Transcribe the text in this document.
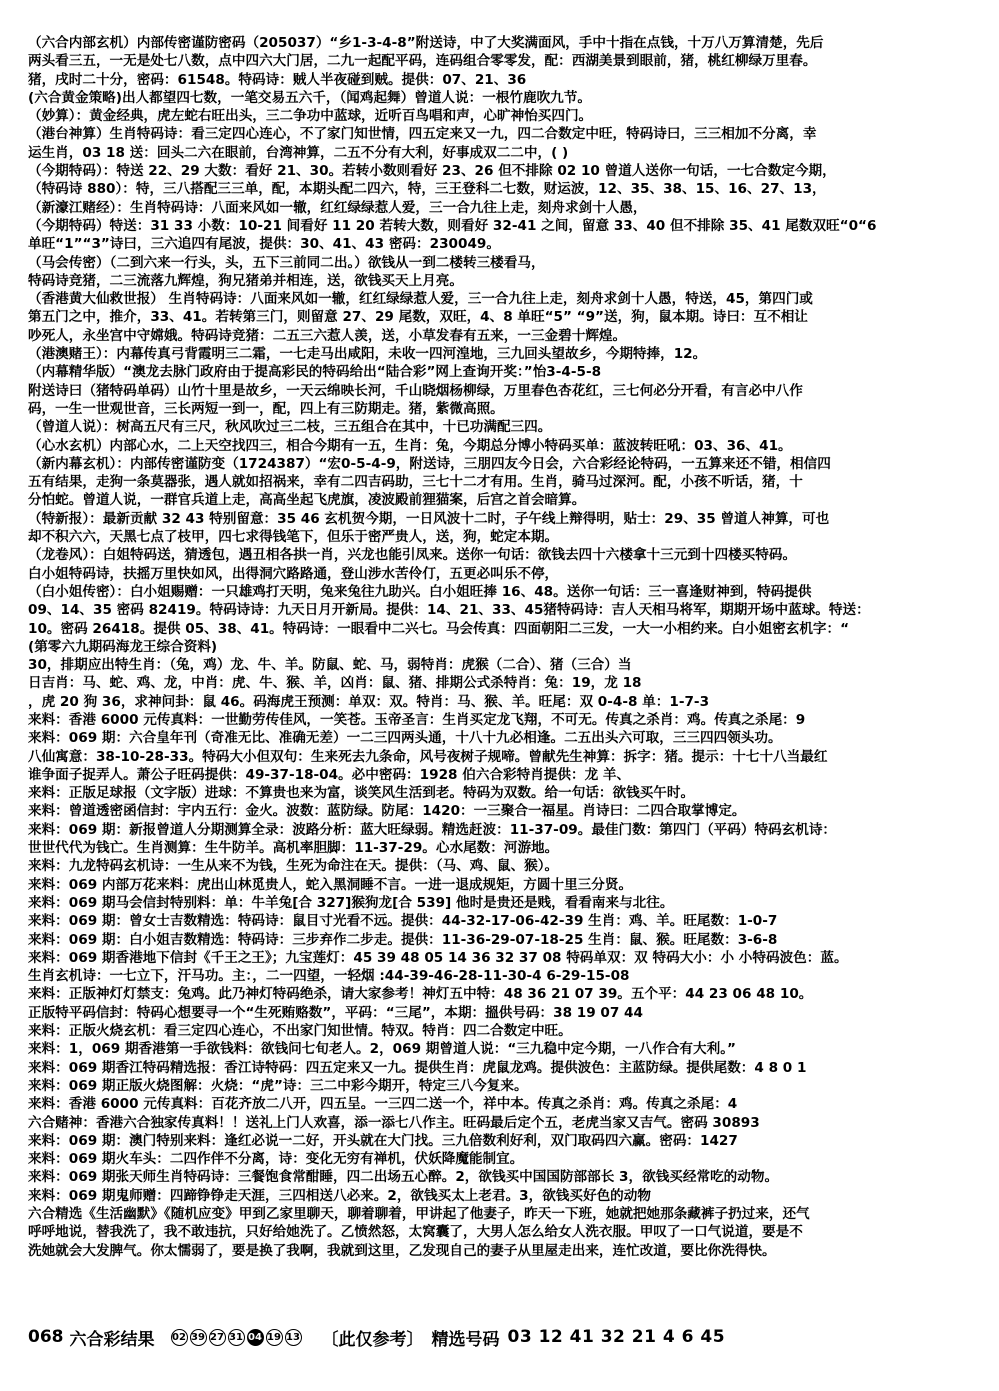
（六合内部玄机）内部传密谨防密码（205037）“乡1-3-4-8”附送诗，中了大奖满面风，手中十指在点钱，十万八万算清楚，先后
两头看三五，一无是处七八数，点中四六大门居，二九一起配平码，连码组合零零发，配：西湖美景到眼前，猪，桃红柳绿万里春。
猪，戌时二十分，密码：61548。特码诗：贼人半夜碰到贼。提供：07、21、36
(六合黄金策略)出人都望四七数，一笔交易五六千，（闻鸡起舞）曾道人说：一根竹鹿吹九节。
（妙算）：黄金经典，虎左蛇右旺出头，三二争功中蓝球，近听百鸟唱和声，心旷神怡买四门。
（港台神算）生肖特码诗：看三定四心连心，不了家门知世情，四五定来又一九，四二合数定中旺，特码诗曰，三三相加不分离，幸
运生肖，03 18 送：回头二六在眼前，台湾神算，二五不分有大利，好事成双二二中，( )
（今期特码）：特送 22、29 大数：看好 21、30。若转小数则看好 23、26 但不排除 02 10 曾道人送你一句话，一七合数定今期，
（特码诗 880）：特，三八搭配三三单，配，本期头配二四六，特，三王登科二七数，财运波，12、35、38、15、16、27、13，
（新濠江赌经）：生肖特码诗：八面来风如一辙，红红绿绿惹人爱，三一合九往上走，刻舟求剑十人愚，
（今期特码）特送：31 33 小数：10-21 间看好 11 20 若转大数，则看好 32-41 之间，留意 33、40 但不排除 35、41 尾数双旺“0“6
单旺“1”“3”诗曰，三六追四有尾波，提供：30、41、43 密码：230049。
（马会传密）（二到六来一行头，头，五下三前同二出。）欲钱从一到二楼转三楼看马，
特码诗竞猪，二三流落九辉煌，狗兄猪弟并相连，送，欲钱买天上月亮。
（香港黄大仙救世报） 生肖特码诗：八面来风如一辙，红红绿绿惹人爱，三一合九往上走，刻舟求剑十人愚，特送，45，第四门或
第五门之中，推介，33、41。若转第三门，则留意 27、29 尾数，双旺，4、8 单旺“5” “9”送，狗，鼠本期。诗曰：互不相让
吵死人，永坐宫中守嫦娥。特码诗竞猪：二五三六惹人羡，送，小草发春有五来，一三金碧十辉煌。
（港澳赌王）：内幕传真弓背霞明三二霜，一七走马出咸阳，未收一四河湟地，三九回头望故乡，今期特捧，12。
（内幕精华版）“澳龙去脉门政府由于提高彩民的特码给出“陆合彩”网上查询开奖：”怡3-4-5-8
附送诗曰（猪特码单码）山竹十里是故乡，一天云绵映长河，千山晓烟杨柳绿，万里春色杏花红，三七何必分开看，有言必中八作
码，一生一世观世音，三长两短一到一，配，四上有三防期走。猪，紫微高照。
（曾道人说）：树高五尺有三尺，秋风吹过三二枝，三五组合在其中，十已功满配三四。
（心水玄机）内部心水，二上天空找四三，相合今期有一五，生肖：兔，今期总分博小特码买单：蓝波转旺吼：03、36、41。
（新内幕玄机）：内部传密谨防变（1724387）“宏0-5-4-9，附送诗，三朋四友今日会，六合彩经论特码，一五算来还不错，相信四
五有结果，走狗一条莫器张，遇人就如招祸来，幸有二四吉码助，三七十二才有用。生肖，骑马过深河。配，小孩不听话，猪，十
分怕蛇。曾道人说，一群官兵道上走，高高坐起飞虎旗，凌波殿前狸猫案，后宫之首会暗算。
（特新报）：最新贡献 32 43 特别留意：35 46 玄机贺今期，一日风波十二时，子午线上辩得明，贴士：29、35 曾道人神算，可也
却不积六六，天黑七点了枝甲，四七求得钱笔下，但乐于密严贵人，送，狗，蛇定本期。
（龙卷风）：白姐特码送，猜透包，遇丑相各拱一肖，兴龙也能引凤来。送你一句话：欲钱去四十六楼拿十三元到十四楼买特码。
白小姐特码诗，扶摇万里快如风，出得洞穴路路通，登山涉水苦伶仃，五更必叫乐不停，
（白小姐传密）：白小姐赐赠：一只雄鸡打天明，兔来兔往九助兴。白小姐旺捧 16、48。送你一句话：三一喜逢财神到，特码提供
09、14、35 密码 82419。特码诗诗：九天日月开新局。提供：14、21、33、45猪特码诗：吉人天相马将军，期期开场中蓝球。特送：
10。密码 26418。提供 05、38、41。特码诗：一眼看中二兴七。马会传真：四面朝阳二三发，一大一小相约来。白小姐密玄机字：“
(第零六九期码海龙王综合资料)
30，排期应出特生肖：（兔，鸡）龙、牛、羊。防鼠、蛇、马，弱特肖：虎猴（二合）、猪（三合）当
日吉肖：马、蛇、鸡、龙，中肖：虎、牛、猴、羊，凶肖：鼠、猪、排期公式杀特肖：兔：19，龙 18
，虎 20 狗 36，求神问卦：鼠 46。码海虎王预测：单双：双。特肖：马、猴、羊。旺尾：双 0-4-8 单：1-7-3
来料：香港 6000 元传真料：一世勤劳传佳风，一笑苍。玉帝圣言：生肖买定龙飞翔，不可无。传真之杀肖：鸡。传真之杀尾：9
来料：069 期：六合皇年刊（奇准无比、准确无差）一二三四两头通，十八十九必相逢。二五出头六可取，三三四四领头功。
八仙寓意：38-10-28-33。特码大小但双句：生来死去九条命，风号夜树子规啼。曾献先生神算：拆字：猪。提示：十七十八当最红
谁争面子捉弄人。萧公子旺码提供：49-37-18-04。必中密码：1928 伯六合彩特肖提供：龙 羊、
来料：正版足球报（文字版）进球：不算贵也来为富，谈笑风生活到老。特码为双数。给一句话：欲钱买午时。
来料：曾道透密函信封：宇内五行：金火。波数：蓝防绿。防尾：1420：一三聚合一福星。肖诗曰：二四合取掌博定。
来料：069 期：新报曾道人分期测算全录：波路分析：蓝大旺绿弱。精选赶波：11-37-09。最佳门数：第四门（平码）特码玄机诗：
世世代代为钱亡。生肖测算：生牛防羊。高机率胆脚：11-37-29。心水尾数：河游地。
来料：九龙特码玄机诗：一生从来不为钱，生死为命注在天。提供：（马、鸡、鼠、猴）。
来料：069 内部万花来料：虎出山林觅贵人，蛇入黑洞睡不言。一进一退成规矩，方圆十里三分贤。
来料：069 期马会信封特别料：单：牛羊兔[合 327]猴狗龙[合 539] 他时是贵还是贱，看看南来与北往。
来料：069 期：曾女士吉数精选：特码诗：鼠目寸光看不远。提供：44-32-17-06-42-39 生肖：鸡、羊。旺尾数：1-0-7
来料：069 期：白小姐吉数精选：特码诗：三步弃作二步走。提供：11-36-29-07-18-25 生肖：鼠、猴。旺尾数：3-6-8
来料：069 期香港地下信封《千王之王》；九宝莲灯：45 39 48 05 14 36 32 37 08 特码单双：双 特码大小：小 小特码波色：蓝。
生肖玄机诗：一七立下，汗马功。主：，二一四望，一轻烟 :44-39-46-28-11-30-4 6-29-15-08
来料：正版神灯灯禁支：兔鸡。此乃神灯特码绝杀，请大家参考！神灯五中特：48 36 21 07 39。五个平：44 23 06 48 10。
正版特平码信封：特码心想要寻一个“生死贿赂数”，平码：“三尾”，本期：搵供号码：38 19 07 44
来料：正版火烧玄机：看三定四心连心，不出家门知世情。特双。特肖：四二合数定中旺。
来料：1，069 期香港第一手欲钱料：欲钱问七旬老人。2，069 期曾道人说：“三九稳中定今期，一八作合有大利。”
来料：069 期香江特码精选报：香江诗特码：四五定来又一九。提供生肖：虎鼠龙鸡。提供波色：主蓝防绿。提供尾数：4 8 0 1
来料：069 期正版火烧图解：火烧：“虎”诗：三二中彩今期开，特定三八今复来。
来料：香港 6000 元传真料：百花齐放二八开，四五呈。一三四二送一个，祥中本。传真之杀肖：鸡。传真之杀尾：4
六合赌神：香港六合独家传真料！！送礼上门人欢喜，添一添七八作主。旺码最后定个五，老虎当家又吉气。密码 30893
来料：069 期：澳门特别来料：逢红必说一二好，开头就在大门找。三九倍数利好利，双门取码四六赢。密码：1427
来料：069 期火车头：二四作伴不分离，诗：变化无穷有禅机，伏妖降魔能制宜。
来料：069 期张天师生肖特码诗：三餐饱食常酣睡，四二出场五心醉。2，欲钱买中国国防部部长 3，欲钱买经常吃的动物。
来料：069 期鬼师赠：四蹄铮铮走天涯，三四相送八必来。2，欲钱买太上老君。3，欲钱买好色的动物
六合精选《生活幽默》《随机应变》甲到乙家里聊天，聊着聊着，甲讲起了他妻子，昨天一下班，她就把她那条藏裤子扔过来，还气
呼呼地说，替我洗了，我不敢违抗，只好给她洗了。乙愤然怒，太窝囊了，大男人怎么给女人洗衣服。甲叹了一口气说道，要是不
洗她就会大发脾气。你太懦弱了，要是换了我啊，我就到这里，乙发现自己的妻子从里屋走出来，连忙改道，要比你洗得快。
068 六合彩结果 02 39 27 31 04 19 13 〔此仅参考〕 精选号码 03 12 41 32 21 4 6 45
